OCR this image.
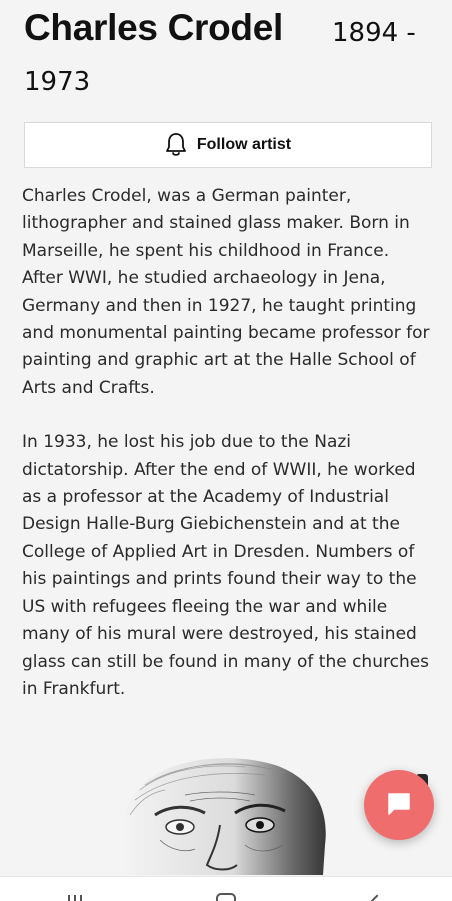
Charles Crodel	1894 -
1973
Follow artist

Charles Crodel, was a German painter, lithographer and stained glass maker. Born in Marseille, he spent his childhood in France. After WWI, he studied archaeology in Jena, Germany and then in 1927, he taught printing and monumental painting became professor for painting and graphic art at the Halle School of Arts and Crafts.

In 1933, he lost his job due to the Nazi dictatorship. After the end of WWII, he worked as a professor at the Academy of Industrial Design Halle-Burg Giebichenstein and at the College of Applied Art in Dresden. Numbers of his paintings and prints found their way to the US with refugees fleeing the war and while many of his mural were destroyed, his stained glass can still be found in many of the churches in Frankfurt.
